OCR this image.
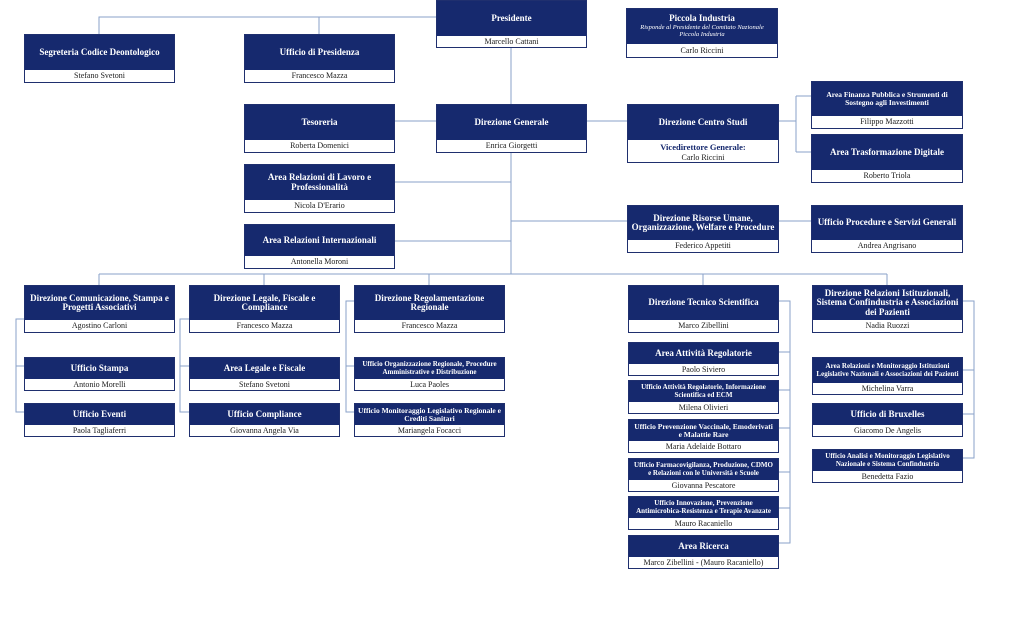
Presidente
Marcello Cattani
Piccola Industria
Risponde al Presidente del Comitato Nazionale Piccola Industria
Carlo Riccini
Segreteria Codice Deontologico
Stefano Svetoni
Ufficio di Presidenza
Francesco Mazza
Tesoreria
Roberta Domenici
Direzione Generale
Enrica Giorgetti
Direzione Centro Studi
Vicedirettore Generale:
Carlo Riccini
Area Finanza Pubblica e Strumenti di Sostegno agli Investimenti
Filippo Mazzotti
Area Trasformazione Digitale
Roberto Triola
Area Relazioni di Lavoro e Professionalità
Nicola D'Erario
Area Relazioni Internazionali
Antonella Moroni
Direzione Risorse Umane, Organizzazione, Welfare e Procedure
Federico Appetiti
Ufficio Procedure e Servizi Generali
Andrea Angrisano
Direzione Comunicazione, Stampa e Progetti Associativi
Agostino Carloni
Ufficio Stampa
Antonio Morelli
Ufficio Eventi
Paola Tagliaferri
Direzione Legale, Fiscale e Compliance
Francesco Mazza
Area Legale e Fiscale
Stefano Svetoni
Ufficio Compliance
Giovanna Angela Via
Direzione Regolamentazione Regionale
Francesco Mazza
Ufficio Organizzazione Regionale, Procedure Amministrative e Distribuzione
Luca Paoles
Ufficio Monitoraggio Legislativo Regionale e Crediti Sanitari
Mariangela Focacci
Direzione Tecnico Scientifica
Marco Zibellini
Area Attività Regolatorie
Paolo Siviero
Ufficio Attività Regolatorie, Informazione Scientifica ed ECM
Milena Olivieri
Ufficio Prevenzione Vaccinale, Emoderivati e Malattie Rare
Maria Adelaide Bottaro
Ufficio Farmacovigilanza, Produzione, CDMO e Relazioni con le Università e Scuole
Giovanna Pescatore
Ufficio Innovazione, Prevenzione Antimicrobica-Resistenza e Terapie Avanzate
Mauro Racaniello
Area Ricerca
Marco Zibellini - (Mauro Racaniello)
Direzione Relazioni Istituzionali, Sistema Confindustria e Associazioni dei Pazienti
Nadia Ruozzi
Area Relazioni e Monitoraggio Istituzioni Legislative Nazionali e Associazioni dei Pazienti
Michelina Varra
Ufficio di Bruxelles
Giacomo De Angelis
Ufficio Analisi e Monitoraggio Legislativo Nazionale e Sistema Confindustria
Benedetta Fazio
